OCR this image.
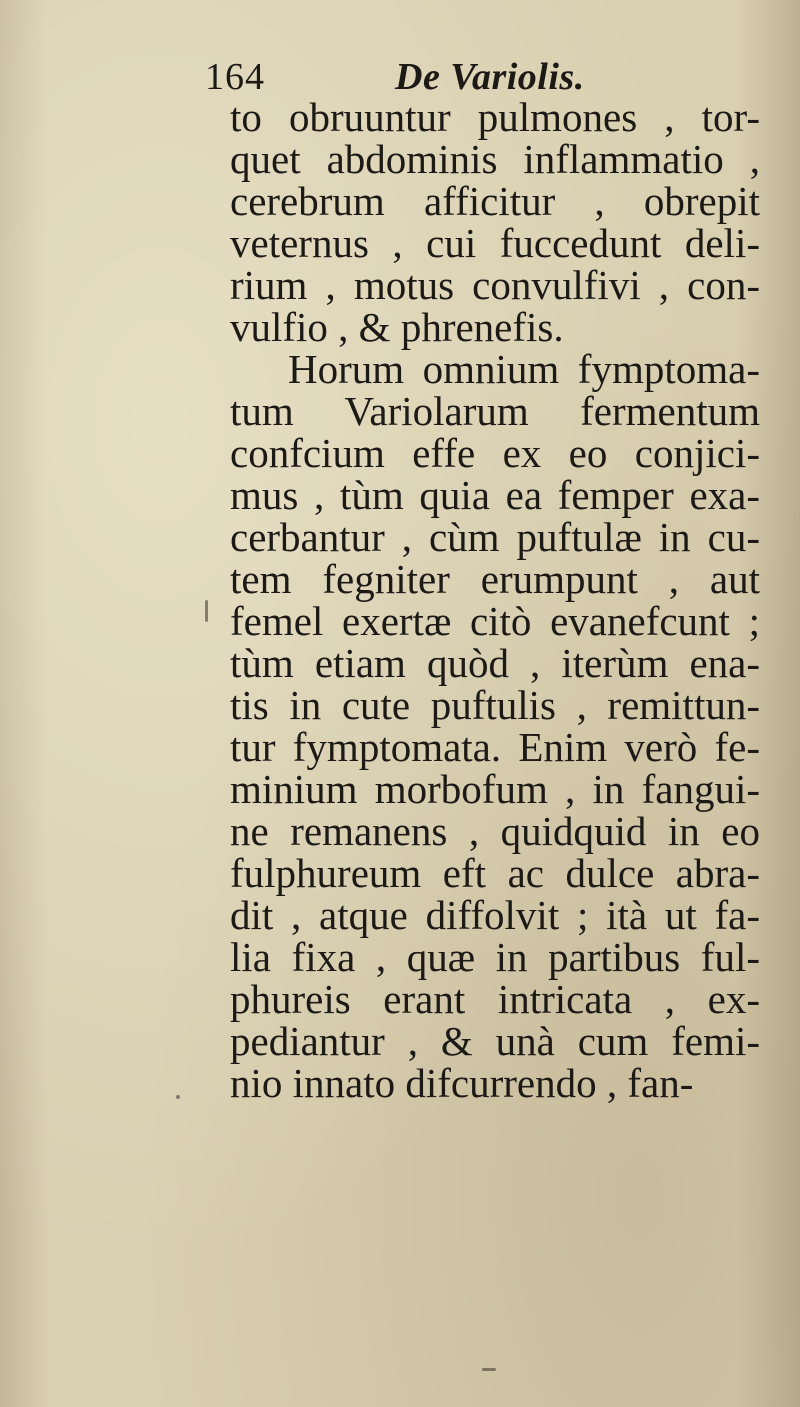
164	De Variolis.
to obruuntur pulmones , tor-
quet abdominis inflammatio ,
cerebrum afficitur , obrepit
veternus , cui fuccedunt deli-
rium , motus convulfivi , con-
vulfio , & phrenefis.
Horum omnium fymptoma-
tum Variolarum fermentum
confcium effe ex eo conjici-
mus , tùm quia ea femper exa-
cerbantur , cùm puftulæ in cu-
tem fegniter erumpunt , aut
femel exertæ citò evanefcunt ;
tùm etiam quòd , iterùm ena-
tis in cute puftulis , remittun-
tur fymptomata. Enim verò fe-
minium morbofum , in fangui-
ne remanens , quidquid in eo
fulphureum eft ac dulce abra-
dit , atque diffolvit ; ità ut fa-
lia fixa , quæ in partibus ful-
phureis erant intricata , ex-
pediantur , & unà cum femi-
nio innato difcurrendo , fan-
